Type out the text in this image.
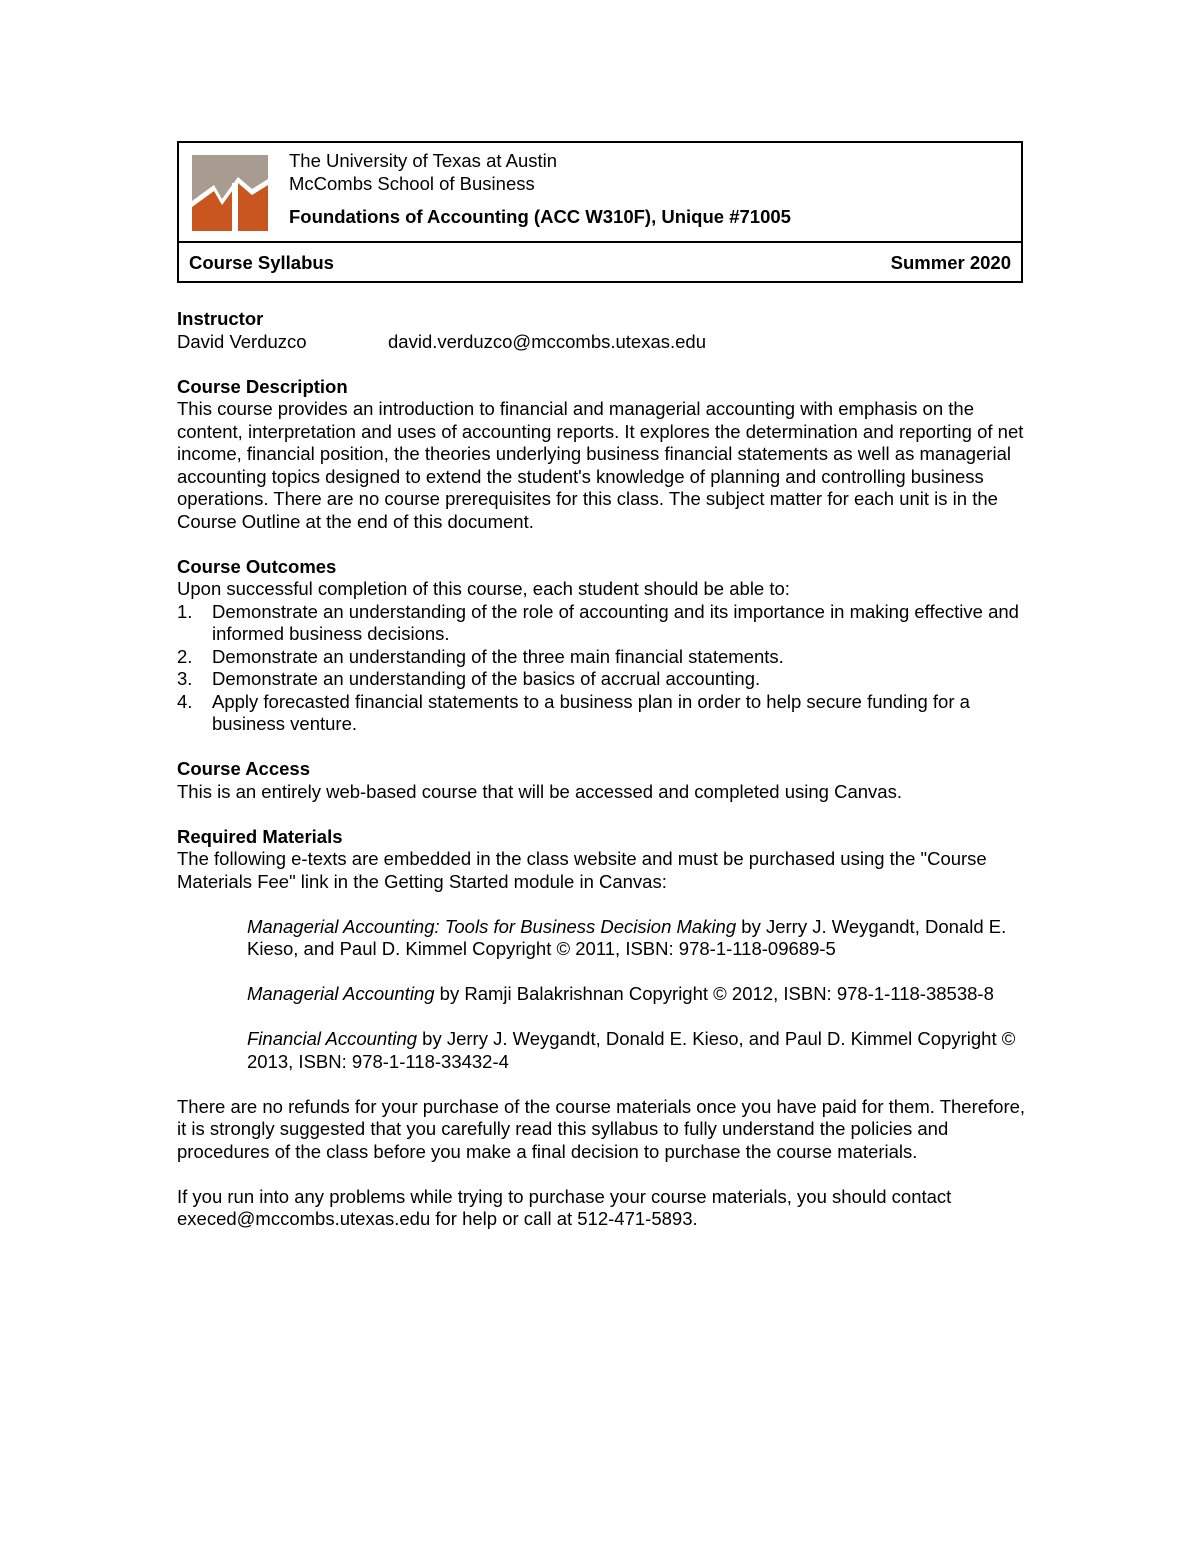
The University of Texas at Austin
McCombs School of Business
Foundations of Accounting (ACC W310F), Unique #71005
Course Syllabus	Summer 2020
Instructor
David Verduzco	david.verduzco@mccombs.utexas.edu
Course Description

This course provides an introduction to financial and managerial accounting with emphasis on the content, interpretation and uses of accounting reports. It explores the determination and reporting of net income, financial position, the theories underlying business financial statements as well as managerial accounting topics designed to extend the student's knowledge of planning and controlling business operations. There are no course prerequisites for this class. The subject matter for each unit is in the Course Outline at the end of this document.

Course Outcomes

Upon successful completion of this course, each student should be able to:

1.	Demonstrate an understanding of the role of accounting and its importance in making effective and informed business decisions.
2.	Demonstrate an understanding of the three main financial statements.
3.	Demonstrate an understanding of the basics of accrual accounting.
4.	Apply forecasted financial statements to a business plan in order to help secure funding for a business venture.
Course Access

This is an entirely web-based course that will be accessed and completed using Canvas.

Required Materials

The following e-texts are embedded in the class website and must be purchased using the "Course Materials Fee" link in the Getting Started module in Canvas:

Managerial Accounting: Tools for Business Decision Making by Jerry J. Weygandt, Donald E. Kieso, and Paul D. Kimmel Copyright © 2011, ISBN: 978-1-118-09689-5

Managerial Accounting by Ramji Balakrishnan Copyright © 2012, ISBN: 978-1-118-38538-8

Financial Accounting by Jerry J. Weygandt, Donald E. Kieso, and Paul D. Kimmel Copyright © 2013, ISBN: 978-1-118-33432-4

There are no refunds for your purchase of the course materials once you have paid for them. Therefore, it is strongly suggested that you carefully read this syllabus to fully understand the policies and procedures of the class before you make a final decision to purchase the course materials.

If you run into any problems while trying to purchase your course materials, you should contact execed@mccombs.utexas.edu for help or call at 512-471-5893.
